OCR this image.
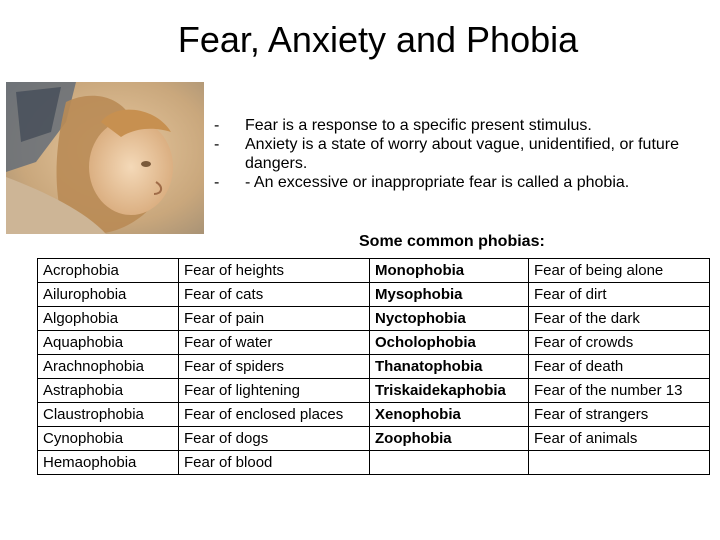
Fear, Anxiety and Phobia
- Fear is a response to a specific present stimulus.
- Anxiety is a state of worry about vague, unidentified, or future dangers.
- - An excessive or inappropriate fear is called a phobia.
Some common phobias:
Acrophobia	Fear of heights	Monophobia	Fear of being alone
Ailurophobia	Fear of cats	Mysophobia	Fear of dirt
Algophobia	Fear of pain	Nyctophobia	Fear of the dark
Aquaphobia	Fear of water	Ocholophobia	Fear of crowds
Arachnophobia	Fear of spiders	Thanatophobia	Fear of death
Astraphobia	Fear of lightening	Triskaidekaphobia	Fear of the number 13
Claustrophobia	Fear of enclosed places	Xenophobia	Fear of strangers
Cynophobia	Fear of dogs	Zoophobia	Fear of animals
Hemaophobia	Fear of blood		
